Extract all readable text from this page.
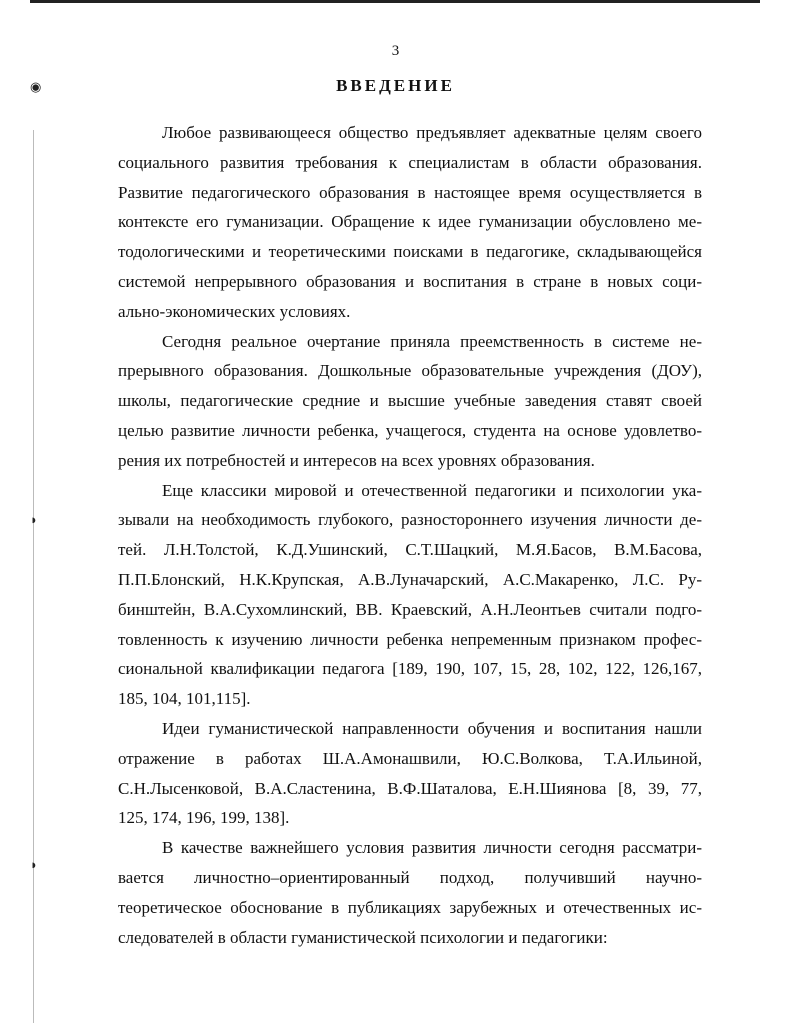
◉
◗
◗
3
ВВЕДЕНИЕ
Любое развивающееся общество предъявляет адекватные целям своего
социального развития требования к специалистам в области образования.
Развитие педагогического образования в настоящее время осуществляется в
контексте его гуманизации. Обращение к идее гуманизации обусловлено ме-
тодологическими и теоретическими поисками в педагогике, складывающейся
системой непрерывного образования и воспитания в стране в новых соци-
ально-экономических условиях.
Сегодня реальное очертание приняла преемственность в системе не-
прерывного образования. Дошкольные образовательные учреждения (ДОУ),
школы, педагогические средние и высшие учебные заведения ставят своей
целью развитие личности ребенка, учащегося, студента на основе удовлетво-
рения их потребностей и интересов на всех уровнях образования.
Еще классики мировой и отечественной педагогики и психологии ука-
зывали на необходимость глубокого, разностороннего изучения личности де-
тей. Л.Н.Толстой, К.Д.Ушинский, С.Т.Шацкий, М.Я.Басов, В.М.Басова,
П.П.Блонский, Н.К.Крупская, А.В.Луначарский, А.С.Макаренко, Л.С. Ру-
бинштейн, В.А.Сухомлинский, ВВ. Краевский, А.Н.Леонтьев считали подго-
товленность к изучению личности ребенка непременным признаком профес-
сиональной квалификации педагога [189, 190, 107, 15, 28, 102, 122, 126,167,
185, 104, 101,115].
Идеи гуманистической направленности обучения и воспитания нашли
отражение в работах Ш.А.Амонашвили, Ю.С.Волкова, Т.А.Ильиной,
С.Н.Лысенковой, В.А.Сластенина, В.Ф.Шаталова, Е.Н.Шиянова [8, 39, 77,
125, 174, 196, 199, 138].
В качестве важнейшего условия развития личности сегодня рассматри-
вается личностно–ориентированный подход, получивший научно-
теоретическое обоснование в публикациях зарубежных и отечественных ис-
следователей в области гуманистической психологии и педагогики:
